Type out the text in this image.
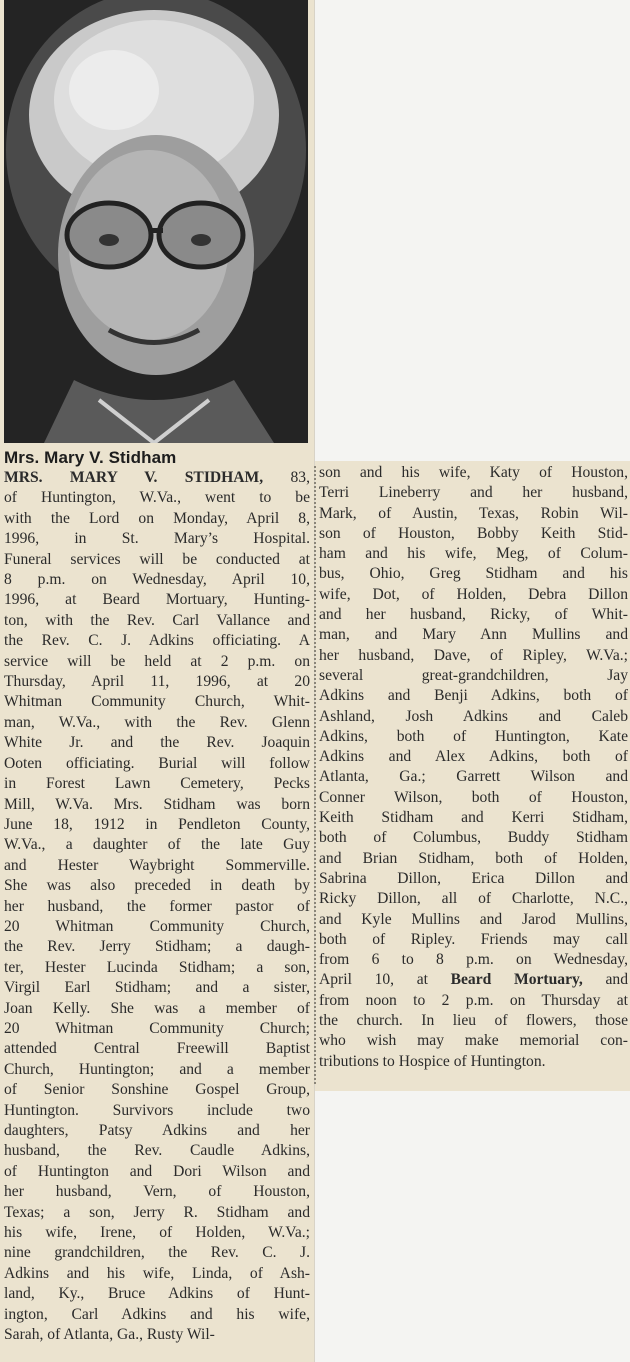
Mrs. Mary V. Stidham
MRS. MARY V. STIDHAM, 83,
of Huntington, W.Va., went to be
with the Lord on Monday, April 8,
1996, in St. Mary’s Hospital.
Funeral services will be conducted at
8 p.m. on Wednesday, April 10,
1996, at Beard Mortuary, Hunting-
ton, with the Rev. Carl Vallance and
the Rev. C. J. Adkins officiating. A
service will be held at 2 p.m. on
Thursday, April 11, 1996, at 20
Whitman Community Church, Whit-
man, W.Va., with the Rev. Glenn
White Jr. and the Rev. Joaquin
Ooten officiating. Burial will follow
in Forest Lawn Cemetery, Pecks
Mill, W.Va. Mrs. Stidham was born
June 18, 1912 in Pendleton County,
W.Va., a daughter of the late Guy
and Hester Waybright Sommerville.
She was also preceded in death by
her husband, the former pastor of
20 Whitman Community Church,
the Rev. Jerry Stidham; a daugh-
ter, Hester Lucinda Stidham; a son,
Virgil Earl Stidham; and a sister,
Joan Kelly. She was a member of
20 Whitman Community Church;
attended Central Freewill Baptist
Church, Huntington; and a member
of Senior Sonshine Gospel Group,
Huntington. Survivors include two
daughters, Patsy Adkins and her
husband, the Rev. Caudle Adkins,
of Huntington and Dori Wilson and
her husband, Vern, of Houston,
Texas; a son, Jerry R. Stidham and
his wife, Irene, of Holden, W.Va.;
nine grandchildren, the Rev. C. J.
Adkins and his wife, Linda, of Ash-
land, Ky., Bruce Adkins of Hunt-
ington, Carl Adkins and his wife,
Sarah, of Atlanta, Ga., Rusty Wil-
son and his wife, Katy of Houston,
Terri Lineberry and her husband,
Mark, of Austin, Texas, Robin Wil-
son of Houston, Bobby Keith Stid-
ham and his wife, Meg, of Colum-
bus, Ohio, Greg Stidham and his
wife, Dot, of Holden, Debra Dillon
and her husband, Ricky, of Whit-
man, and Mary Ann Mullins and
her husband, Dave, of Ripley, W.Va.;
several great-grandchildren, Jay
Adkins and Benji Adkins, both of
Ashland, Josh Adkins and Caleb
Adkins, both of Huntington, Kate
Adkins and Alex Adkins, both of
Atlanta, Ga.; Garrett Wilson and
Conner Wilson, both of Houston,
Keith Stidham and Kerri Stidham,
both of Columbus, Buddy Stidham
and Brian Stidham, both of Holden,
Sabrina Dillon, Erica Dillon and
Ricky Dillon, all of Charlotte, N.C.,
and Kyle Mullins and Jarod Mullins,
both of Ripley. Friends may call
from 6 to 8 p.m. on Wednesday,
April 10, at Beard Mortuary, and
from noon to 2 p.m. on Thursday at
the church. In lieu of flowers, those
who wish may make memorial con-
tributions to Hospice of Huntington.
